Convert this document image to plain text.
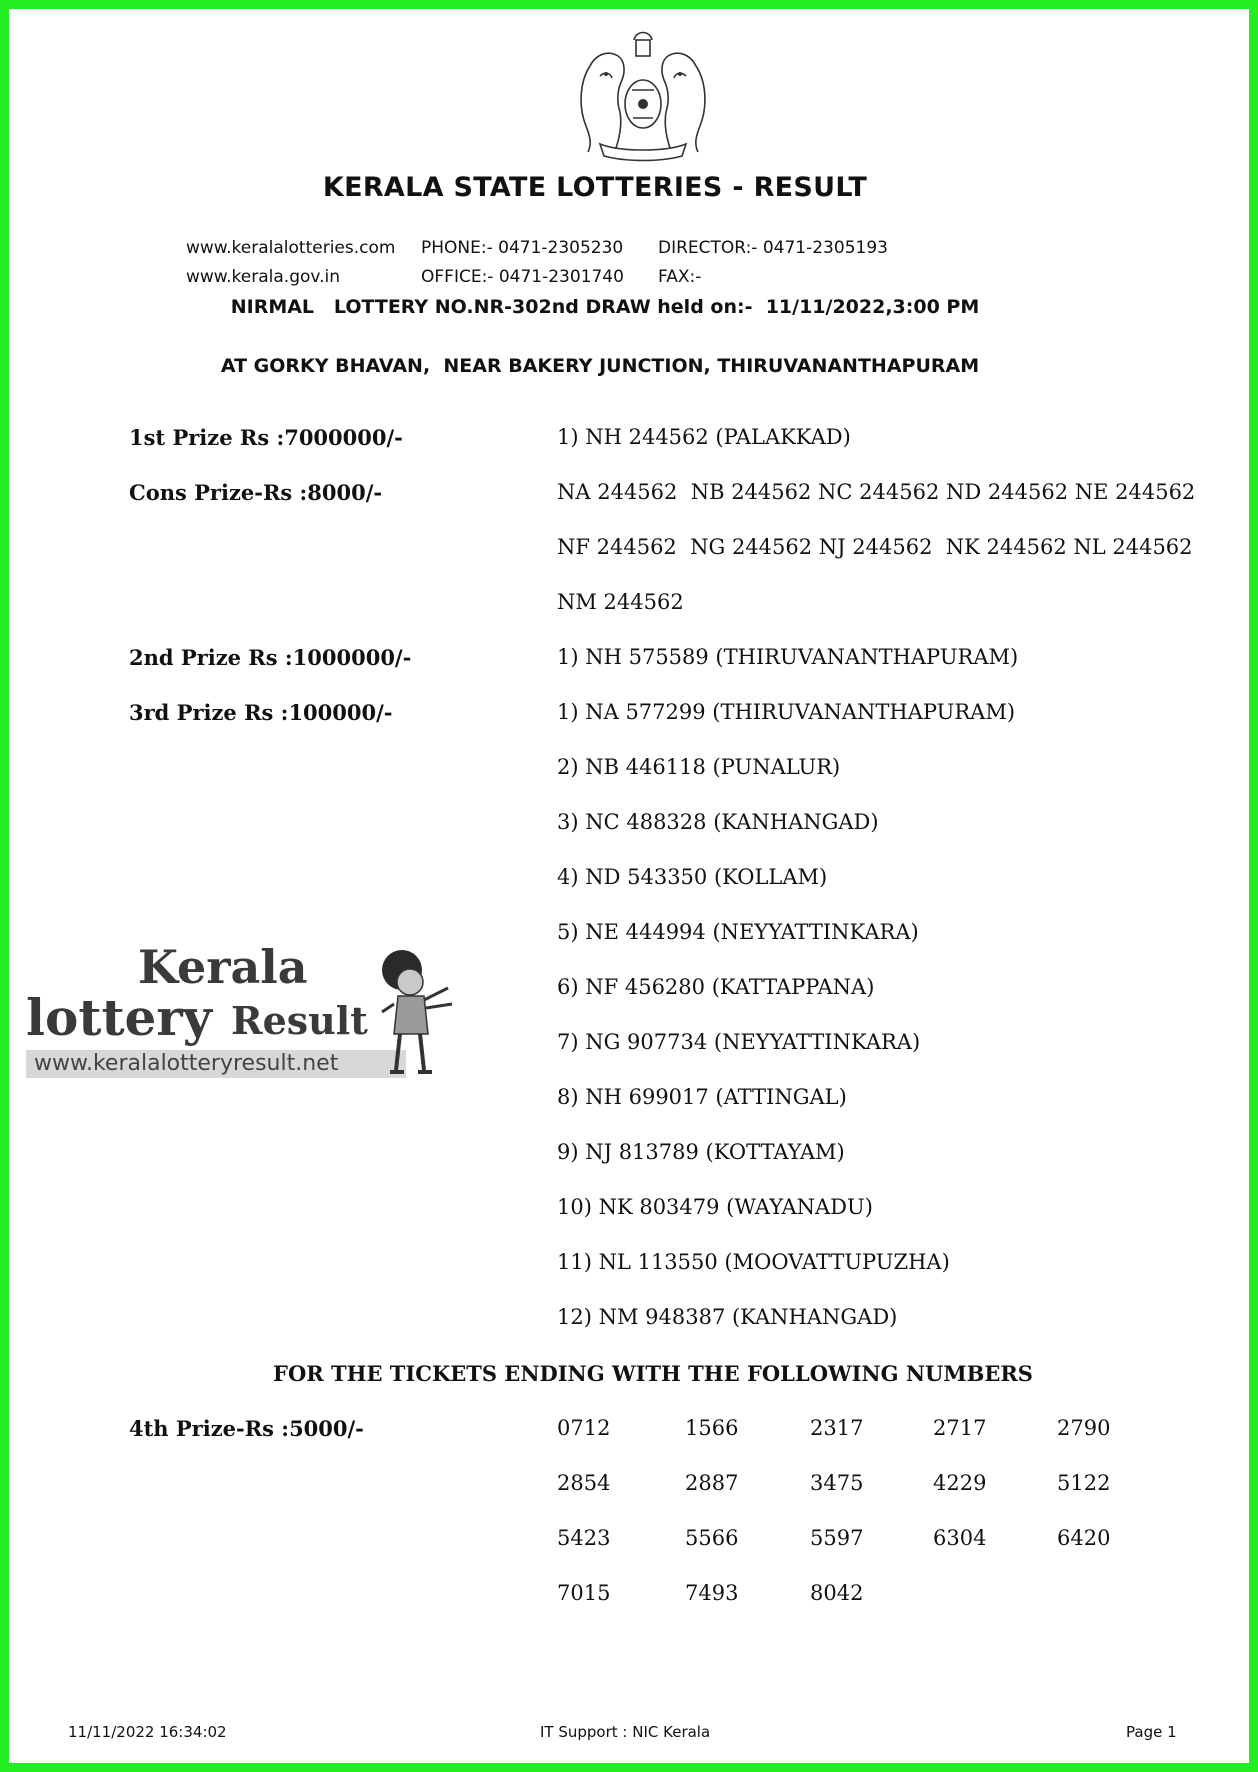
KERALA STATE LOTTERIES - RESULT
www.keralalotteries.com
www.kerala.gov.in
PHONE:- 0471-2305230
OFFICE:- 0471-2301740
DIRECTOR:- 0471-2305193
FAX:-
NIRMAL   LOTTERY NO.NR-302nd DRAW held on:-  11/11/2022,3:00 PM
AT GORKY BHAVAN,  NEAR BAKERY JUNCTION, THIRUVANANTHAPURAM
1st Prize Rs :7000000/-	1) NH 244562 (PALAKKAD)
Cons Prize-Rs :8000/-	NA 244562  NB 244562 NC 244562 ND 244562 NE 244562
NF 244562  NG 244562 NJ 244562  NK 244562 NL 244562
NM 244562
2nd Prize Rs :1000000/-	1) NH 575589 (THIRUVANANTHAPURAM)
3rd Prize Rs :100000/-	1) NA 577299 (THIRUVANANTHAPURAM)
2) NB 446118 (PUNALUR)
3) NC 488328 (KANHANGAD)
4) ND 543350 (KOLLAM)
5) NE 444994 (NEYYATTINKARA)
6) NF 456280 (KATTAPPANA)
7) NG 907734 (NEYYATTINKARA)
8) NH 699017 (ATTINGAL)
9) NJ 813789 (KOTTAYAM)
10) NK 803479 (WAYANADU)
11) NL 113550 (MOOVATTUPUZHA)
12) NM 948387 (KANHANGAD)
Kerala
lottery Result
www.keralalotteryresult.net
FOR THE TICKETS ENDING WITH THE FOLLOWING NUMBERS
4th Prize-Rs :5000/-	0712	1566	2317	2717	2790
2854	2887	3475	4229	5122
5423	5566	5597	6304	6420
7015	7493	8042
11/11/2022 16:34:02	IT Support : NIC Kerala	Page 1
